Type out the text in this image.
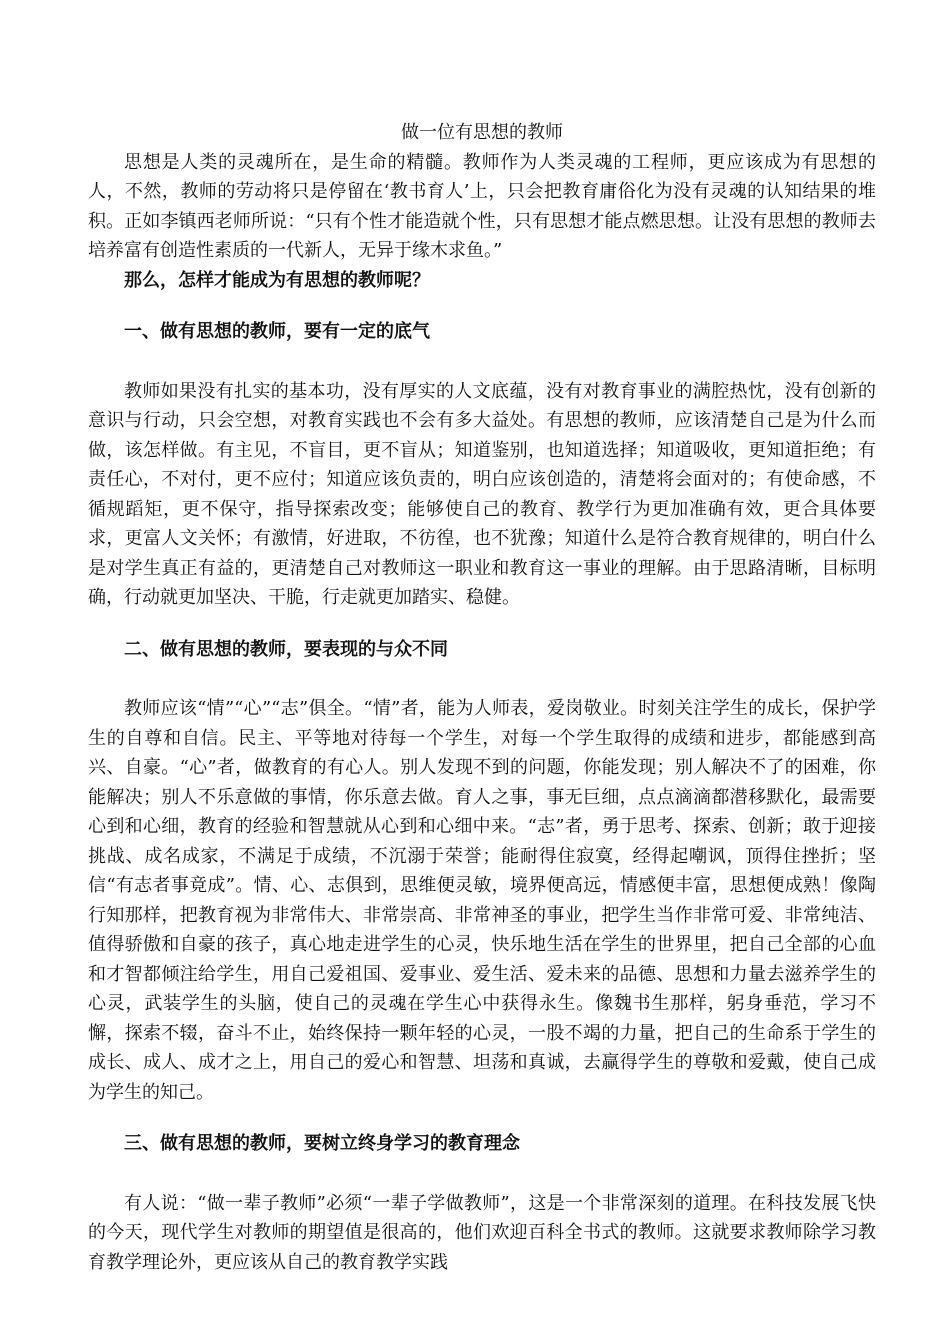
做一位有思想的教师

思想是人类的灵魂所在，是生命的精髓。教师作为人类灵魂的工程师，更应该成为有思想的人，不然，教师的劳动将只是停留在‘教书育人’上，只会把教育庸俗化为没有灵魂的认知结果的堆积。正如李镇西老师所说：“只有个性才能造就个性，只有思想才能点燃思想。让没有思想的教师去培养富有创造性素质的一代新人，无异于缘木求鱼。”

那么，怎样才能成为有思想的教师呢？

一、做有思想的教师，要有一定的底气

教师如果没有扎实的基本功，没有厚实的人文底蕴，没有对教育事业的满腔热忱，没有创新的意识与行动，只会空想，对教育实践也不会有多大益处。有思想的教师，应该清楚自己是为什么而做，该怎样做。有主见，不盲目，更不盲从；知道鉴别，也知道选择；知道吸收，更知道拒绝；有责任心，不对付，更不应付；知道应该负责的，明白应该创造的，清楚将会面对的；有使命感，不循规蹈矩，更不保守，指导探索改变；能够使自己的教育、教学行为更加准确有效，更合具体要求，更富人文关怀；有激情，好进取，不彷徨，也不犹豫；知道什么是符合教育规律的，明白什么是对学生真正有益的，更清楚自己对教师这一职业和教育这一事业的理解。由于思路清晰，目标明确，行动就更加坚决、干脆，行走就更加踏实、稳健。

二、做有思想的教师，要表现的与众不同

教师应该“情”“心”“志”俱全。“情”者，能为人师表，爱岗敬业。时刻关注学生的成长，保护学生的自尊和自信。民主、平等地对待每一个学生，对每一个学生取得的成绩和进步，都能感到高兴、自豪。“心”者，做教育的有心人。别人发现不到的问题，你能发现；别人解决不了的困难，你能解决；别人不乐意做的事情，你乐意去做。育人之事，事无巨细，点点滴滴都潜移默化，最需要心到和心细，教育的经验和智慧就从心到和心细中来。“志”者，勇于思考、探索、创新；敢于迎接挑战、成名成家，不满足于成绩，不沉溺于荣誉；能耐得住寂寞，经得起嘲讽，顶得住挫折；坚信“有志者事竟成”。情、心、志俱到，思维便灵敏，境界便高远，情感便丰富，思想便成熟！像陶行知那样，把教育视为非常伟大、非常崇高、非常神圣的事业，把学生当作非常可爱、非常纯洁、值得骄傲和自豪的孩子，真心地走进学生的心灵，快乐地生活在学生的世界里，把自己全部的心血和才智都倾注给学生，用自己爱祖国、爱事业、爱生活、爱未来的品德、思想和力量去滋养学生的心灵，武装学生的头脑，使自己的灵魂在学生心中获得永生。像魏书生那样，躬身垂范，学习不懈，探索不辍，奋斗不止，始终保持一颗年轻的心灵，一股不竭的力量，把自己的生命系于学生的成长、成人、成才之上，用自己的爱心和智慧、坦荡和真诚，去赢得学生的尊敬和爱戴，使自己成为学生的知己。

三、做有思想的教师，要树立终身学习的教育理念

有人说：“做一辈子教师”必须“一辈子学做教师”，这是一个非常深刻的道理。在科技发展飞快的今天，现代学生对教师的期望值是很高的，他们欢迎百科全书式的教师。这就要求教师除学习教育教学理论外，更应该从自己的教育教学实践
